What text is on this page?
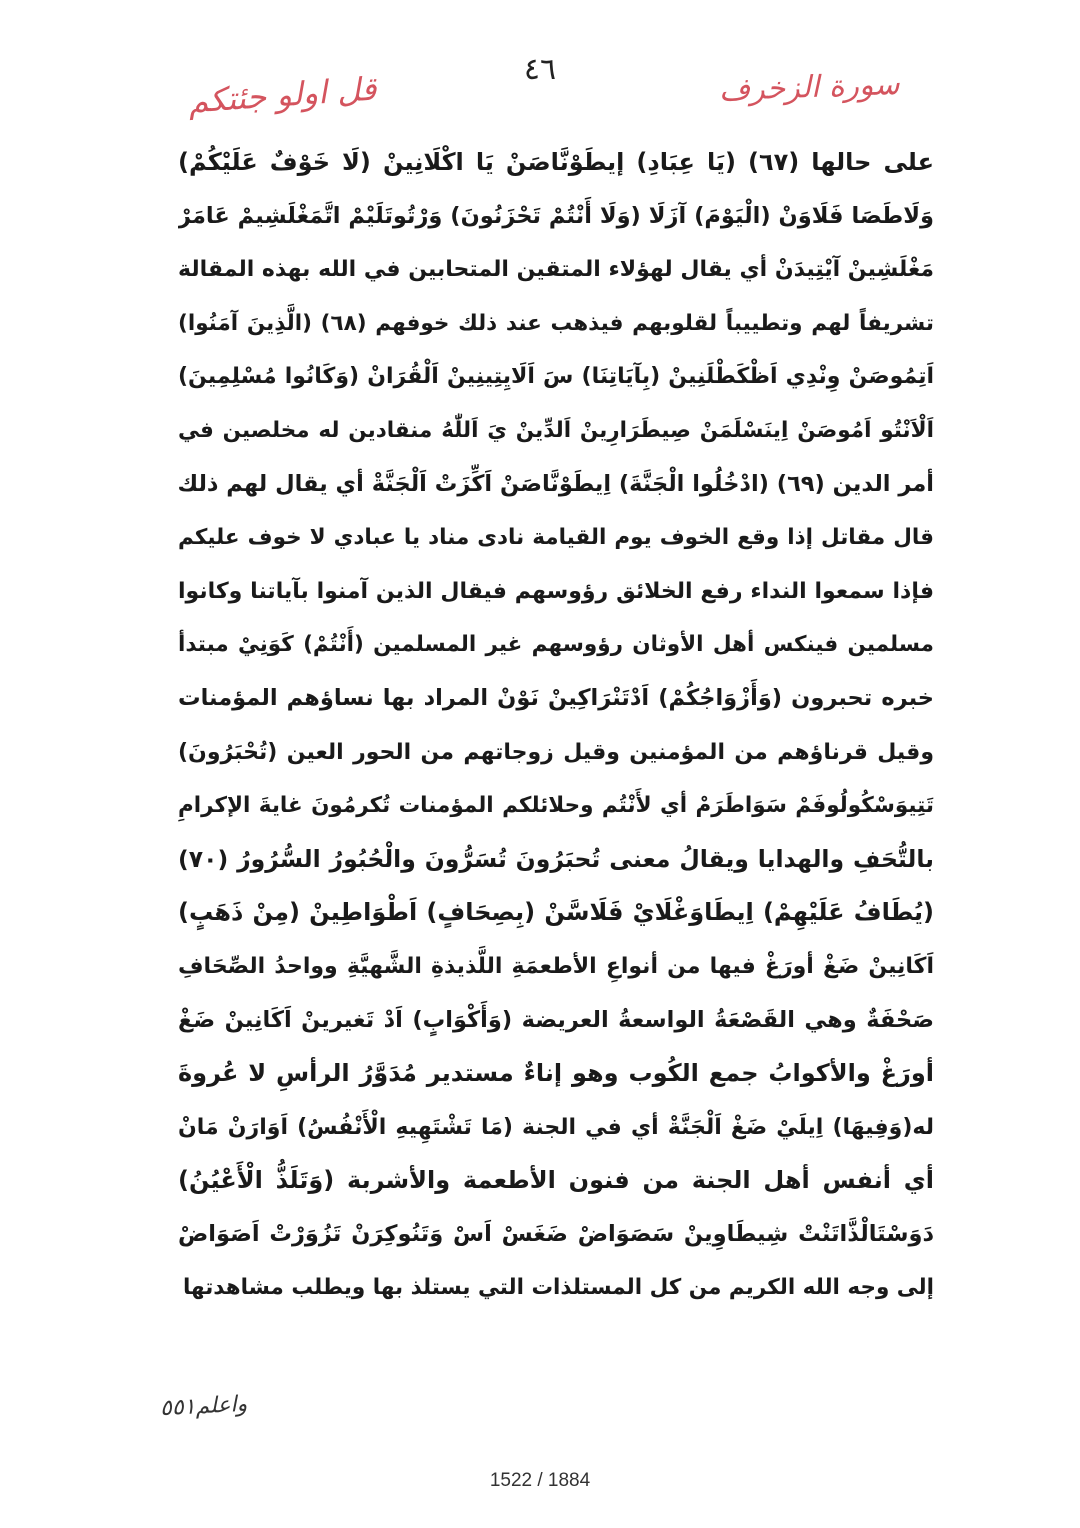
سورة الزخرف
٤٦
قل اولو جئتكم
على حالها (٦٧) (يَا عِبَادِ) إيطَوْنَّاصَنْ يَا اكْلَانِينْ (لَا خَوْفٌ عَلَيْكُمْ)
وَلَاطَصَا فَلَاوَنْ (الْيَوْمَ) آزَلَا (وَلَا أَنْتُمْ تَحْزَنُونَ) وَرْتُوتَلَيْمْ اتَّمَغْلَشِيمْ عَامَرْ
مَغْلَشِينْ آيْتِيدَنْ أي يقال لهؤلاء المتقين المتحابين في الله بهذه المقالة
تشريفاً لهم وتطييباً لقلوبهم فيذهب عند ذلك خوفهم (٦٨) (الَّذِينَ آمَنُوا)
اَتِمُوصَنْ وِنْدِي اَظْكَطْلَنِينْ (بِآيَاتِنَا) سَ اَلَايِتِينِينْ اَلْقُرَانْ (وَكَانُوا مُسْلِمِينَ)
اَلْاَنْتُو اَمُوصَنْ اِينَسْلَمَنْ صِيطَرَارِينْ اَلدِّينْ يَ اَللّٰهُ منقادين له مخلصين في
أمر الدين (٦٩) (ادْخُلُوا الْجَنَّةَ) اِيطَوْنَّاصَنْ اَكِّزَتْ اَلْجَنَّةْ أي يقال لهم ذلك
قال مقاتل إذا وقع الخوف يوم القيامة نادى مناد يا عبادي لا خوف عليكم
فإذا سمعوا النداء رفع الخلائق رؤوسهم فيقال الذين آمنوا بآياتنا وكانوا
مسلمين فينكس أهل الأوثان رؤوسهم غير المسلمين (أَنْتُمْ) كَوَنِيْ مبتدأ
خبره تحبرون (وَأَزْوَاجُكُمْ) اَدْتَنْرَاكِينْ نَوْنْ المراد بها نساؤهم المؤمنات
وقيل قرناؤهم من المؤمنين وقيل زوجاتهم من الحور العين (تُحْبَرُونَ)
تَتِيوَسْكُولُوفَمْ سَوَاطَرَمْ أي لأَنْتُم وحلائلكم المؤمنات تُكرمُونَ غايةَ الإكرامِ
بالتُّحَفِ والهدايا ويقالُ معنى تُحبَرُونَ تُسَرُّونَ والْحُبُورُ السُّرُورُ (٧٠)
(يُطَافُ عَلَيْهِمْ) اِيطَاوَغْلَايْ فَلَاسَّنْ (بِصِحَافٍ) اَطْوَاطِينْ (مِنْ ذَهَبٍ)
اَكَانِينْ ضَغْ أورَغْ فيها من أنواعِ الأطعمَةِ اللَّذيذةِ الشَّهيَّةِ وواحدُ الصِّحَافِ
صَحْفَةٌ وهي القَصْعَةُ الواسعةُ العريضة (وَأَكْوَابٍ) اَدْ تَغيرينْ اَكَانِينْ ضَغْ
أورَغْ والأكوابُ جمع الكُوب وهو إناءٌ مستدير مُدَوَّرُ الرأسِ لا عُروةَ
له(وَفِيهَا) اِيلَيْ ضَغْ اَلْجَنَّةْ أي في الجنة (مَا تَشْتَهِيهِ الْأَنْفُسُ) اَوَارَنْ مَانْ
أي أنفس أهل الجنة من فنون الأطعمة والأشربة (وَتَلَذُّ الْأَعْيُنُ)
دَوَسْتَالْذَّاتَنْتْ شِيطَاوِينْ سَصَوَاضْ ضَغَسْ اَسْ وَتَنُوكِرَنْ تَزُوَرْتْ اَصَوَاضْ
إلى وجه الله الكريم من كل المستلذات التي يستلذ بها ويطلب مشاهدتها
واعلم٥٥١
1522 / 1884
